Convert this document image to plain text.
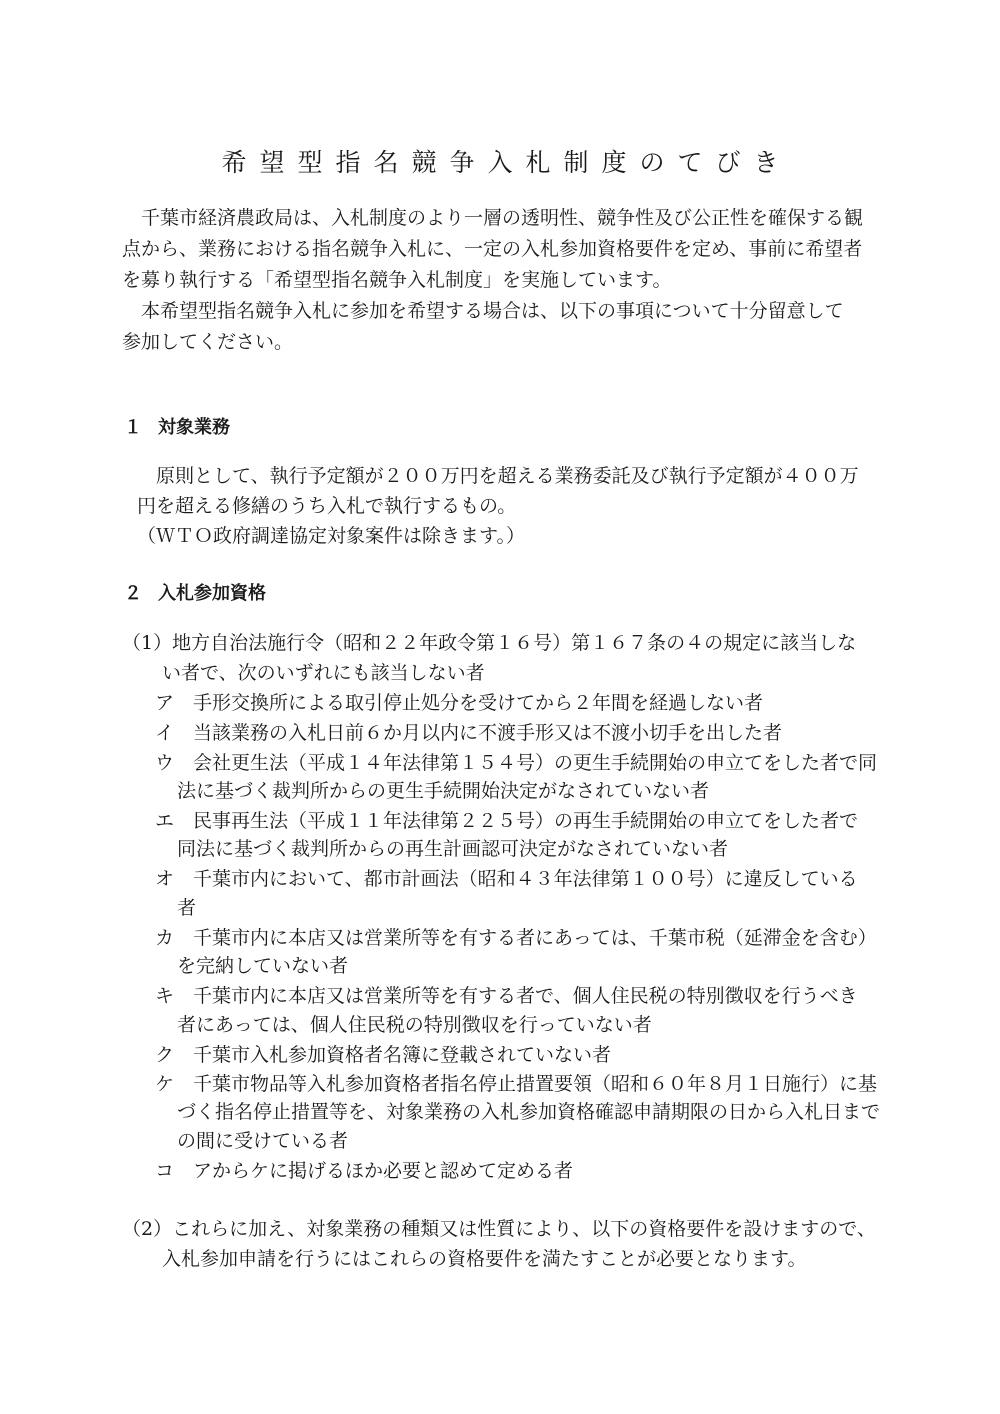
希望型指名競争入札制度のてびき
千葉市経済農政局は、入札制度のより一層の透明性、競争性及び公正性を確保する観
点から、業務における指名競争入札に、一定の入札参加資格要件を定め、事前に希望者
を募り執行する「希望型指名競争入札制度」を実施しています。
本希望型指名競争入札に参加を希望する場合は、以下の事項について十分留意して
参加してください。
１ 対象業務
原則として、執行予定額が２００万円を超える業務委託及び執行予定額が４００万
円を超える修繕のうち入札で執行するもの。
（ＷＴＯ政府調達協定対象案件は除きます。）
２ 入札参加資格
（1）地方自治法施行令（昭和２２年政令第１６号）第１６７条の４の規定に該当しな
い者で、次のいずれにも該当しない者
ア 手形交換所による取引停止処分を受けてから２年間を経過しない者
イ 当該業務の入札日前６か月以内に不渡手形又は不渡小切手を出した者
ウ 会社更生法（平成１４年法律第１５４号）の更生手続開始の申立てをした者で同
法に基づく裁判所からの更生手続開始決定がなされていない者
エ 民事再生法（平成１１年法律第２２５号）の再生手続開始の申立てをした者で
同法に基づく裁判所からの再生計画認可決定がなされていない者
オ 千葉市内において、都市計画法（昭和４３年法律第１００号）に違反している
者
カ 千葉市内に本店又は営業所等を有する者にあっては、千葉市税（延滞金を含む）
を完納していない者
キ 千葉市内に本店又は営業所等を有する者で、個人住民税の特別徴収を行うべき
者にあっては、個人住民税の特別徴収を行っていない者
ク 千葉市入札参加資格者名簿に登載されていない者
ケ 千葉市物品等入札参加資格者指名停止措置要領（昭和６０年８月１日施行）に基
づく指名停止措置等を、対象業務の入札参加資格確認申請期限の日から入札日まで
の間に受けている者
コ アからケに掲げるほか必要と認めて定める者
（2）これらに加え、対象業務の種類又は性質により、以下の資格要件を設けますので、
入札参加申請を行うにはこれらの資格要件を満たすことが必要となります。
